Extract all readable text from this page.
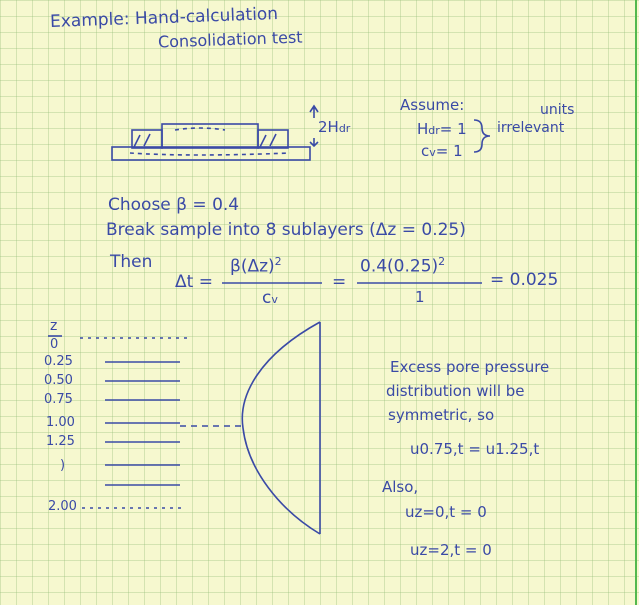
Example: Hand-calculation
Consolidation test
2Hdr
Assume:
Hdr= 1
cv= 1
units
irrelevant
Choose β = 0.4
Break sample into 8 sublayers (Δz = 0.25)
Then
Δt =
$\beta(\Delta z)^2$
cv
=
$0.4(0.25)^2$
1
= 0.025
z
0
0.25
0.50
0.75
1.00
1.25
)
2.00
Excess pore pressure
distribution will be
symmetric, so
u0.75,t = u1.25,t
Also,
uz=0,t = 0
uz=2,t = 0
